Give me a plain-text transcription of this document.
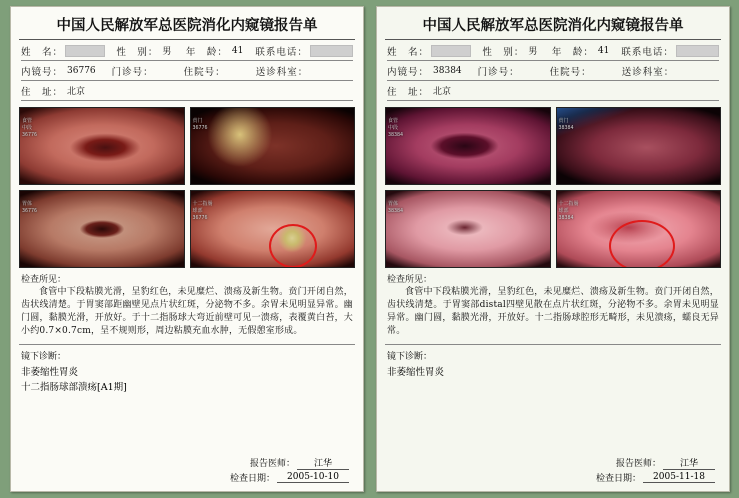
中国人民解放军总医院消化内窥镜报告单
姓　名：	性　别： 男	年　龄： 41 联系电话：
内镜号： 36776 门诊号：	住院号：	送诊科室：
住　址： 北京
食管
中段
36776
贲门
36776
胃体
36776
十二指肠
球部
36776
检查所见：
食管中下段粘膜光滑，呈豹红色，未见糜烂、溃疡及新生物。贲门开闭自然，齿状线清楚。于胃窦部距幽壁见点片状红斑，分泌物不多。余胃未见明显异常。幽门圆，黏膜光滑，开放好。于十二指肠球大弯近前壁可见一溃疡，表覆黄白苔，大小约0.7×0.7cm，呈不规则形，周边粘膜充血水肿，无假憩室形成。
镜下诊断：
非萎缩性胃炎
十二指肠球部溃疡[A1期]
报告医师：	江华
检查日期：	2005-10-10
中国人民解放军总医院消化内窥镜报告单
姓　名：	性　别： 男	年　龄： 41 联系电话：
内镜号： 38384 门诊号：	住院号：	送诊科室：
住　址： 北京
食管
中段
38384
贲门
38384
胃体
38384
十二指肠
球部
38384
检查所见：
食管中下段粘膜光滑，呈豹红色，未见糜烂、溃疡及新生物。贲门开闭自然，齿状线清楚。于胃窦部distal四壁见散在点片状红斑，分泌物不多。余胃未见明显异常。幽门圆，黏膜光滑，开放好。十二指肠球腔形无畸形，未见溃疡，蠕良无异常。
镜下诊断：
非萎缩性胃炎
报告医师：	江华
检查日期：	2005-11-18
